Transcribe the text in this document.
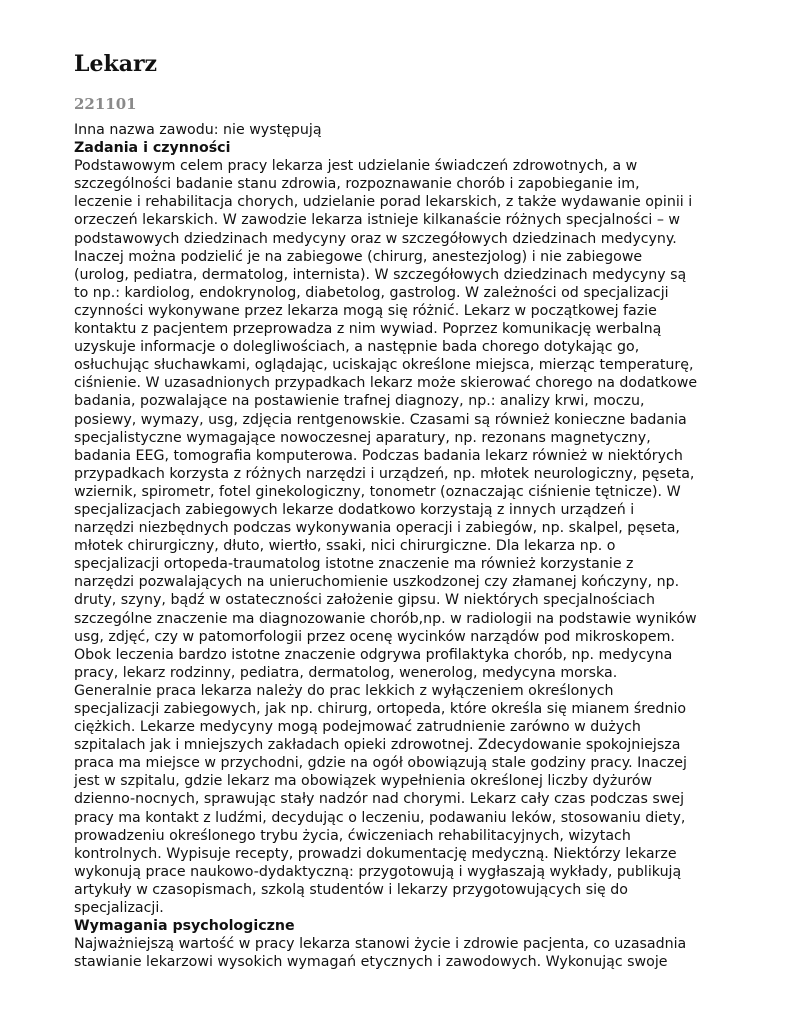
Lekarz
221101
Inna nazwa zawodu: nie występują
Zadania i czynności
Podstawowym celem pracy lekarza jest udzielanie świadczeń zdrowotnych, a w
szczególności badanie stanu zdrowia, rozpoznawanie chorób i zapobieganie im,
leczenie i rehabilitacja chorych, udzielanie porad lekarskich, z także wydawanie opinii i
orzeczeń lekarskich. W zawodzie lekarza istnieje kilkanaście różnych specjalności – w
podstawowych dziedzinach medycyny oraz w szczegółowych dziedzinach medycyny.
Inaczej można podzielić je na zabiegowe (chirurg, anestezjolog) i nie zabiegowe
(urolog, pediatra, dermatolog, internista). W szczegółowych dziedzinach medycyny są
to np.: kardiolog, endokrynolog, diabetolog, gastrolog. W zależności od specjalizacji
czynności wykonywane przez lekarza mogą się różnić. Lekarz w początkowej fazie
kontaktu z pacjentem przeprowadza z nim wywiad. Poprzez komunikację werbalną
uzyskuje informacje o dolegliwościach, a następnie bada chorego dotykając go,
osłuchując słuchawkami, oglądając, uciskając określone miejsca, mierząc temperaturę,
ciśnienie. W uzasadnionych przypadkach lekarz może skierować chorego na dodatkowe
badania, pozwalające na postawienie trafnej diagnozy, np.: analizy krwi, moczu,
posiewy, wymazy, usg, zdjęcia rentgenowskie. Czasami są również konieczne badania
specjalistyczne wymagające nowoczesnej aparatury, np. rezonans magnetyczny,
badania EEG, tomografia komputerowa. Podczas badania lekarz również w niektórych
przypadkach korzysta z różnych narzędzi i urządzeń, np. młotek neurologiczny, pęseta,
wziernik, spirometr, fotel ginekologiczny, tonometr (oznaczając ciśnienie tętnicze). W
specjalizacjach zabiegowych lekarze dodatkowo korzystają z innych urządzeń i
narzędzi niezbędnych podczas wykonywania operacji i zabiegów, np. skalpel, pęseta,
młotek chirurgiczny, dłuto, wiertło, ssaki, nici chirurgiczne. Dla lekarza np. o
specjalizacji ortopeda-traumatolog istotne znaczenie ma również korzystanie z
narzędzi pozwalających na unieruchomienie uszkodzonej czy złamanej kończyny, np.
druty, szyny, bądź w ostateczności założenie gipsu. W niektórych specjalnościach
szczególne znaczenie ma diagnozowanie chorób,np. w radiologii na podstawie wyników
usg, zdjęć, czy w patomorfologii przez ocenę wycinków narządów pod mikroskopem.
Obok leczenia bardzo istotne znaczenie odgrywa profilaktyka chorób, np. medycyna
pracy, lekarz rodzinny, pediatra, dermatolog, wenerolog, medycyna morska.
Generalnie praca lekarza należy do prac lekkich z wyłączeniem określonych
specjalizacji zabiegowych, jak np. chirurg, ortopeda, które określa się mianem średnio
ciężkich. Lekarze medycyny mogą podejmować zatrudnienie zarówno w dużych
szpitalach jak i mniejszych zakładach opieki zdrowotnej. Zdecydowanie spokojniejsza
praca ma miejsce w przychodni, gdzie na ogół obowiązują stale godziny pracy. Inaczej
jest w szpitalu, gdzie lekarz ma obowiązek wypełnienia określonej liczby dyżurów
dzienno-nocnych, sprawując stały nadzór nad chorymi. Lekarz cały czas podczas swej
pracy ma kontakt z ludźmi, decydując o leczeniu, podawaniu leków, stosowaniu diety,
prowadzeniu określonego trybu życia, ćwiczeniach rehabilitacyjnych, wizytach
kontrolnych. Wypisuje recepty, prowadzi dokumentację medyczną. Niektórzy lekarze
wykonują prace naukowo-dydaktyczną: przygotowują i wygłaszają wykłady, publikują
artykuły w czasopismach, szkolą studentów i lekarzy przygotowujących się do
specjalizacji.
Wymagania psychologiczne
Najważniejszą wartość w pracy lekarza stanowi życie i zdrowie pacjenta, co uzasadnia
stawianie lekarzowi wysokich wymagań etycznych i zawodowych. Wykonując swoje
